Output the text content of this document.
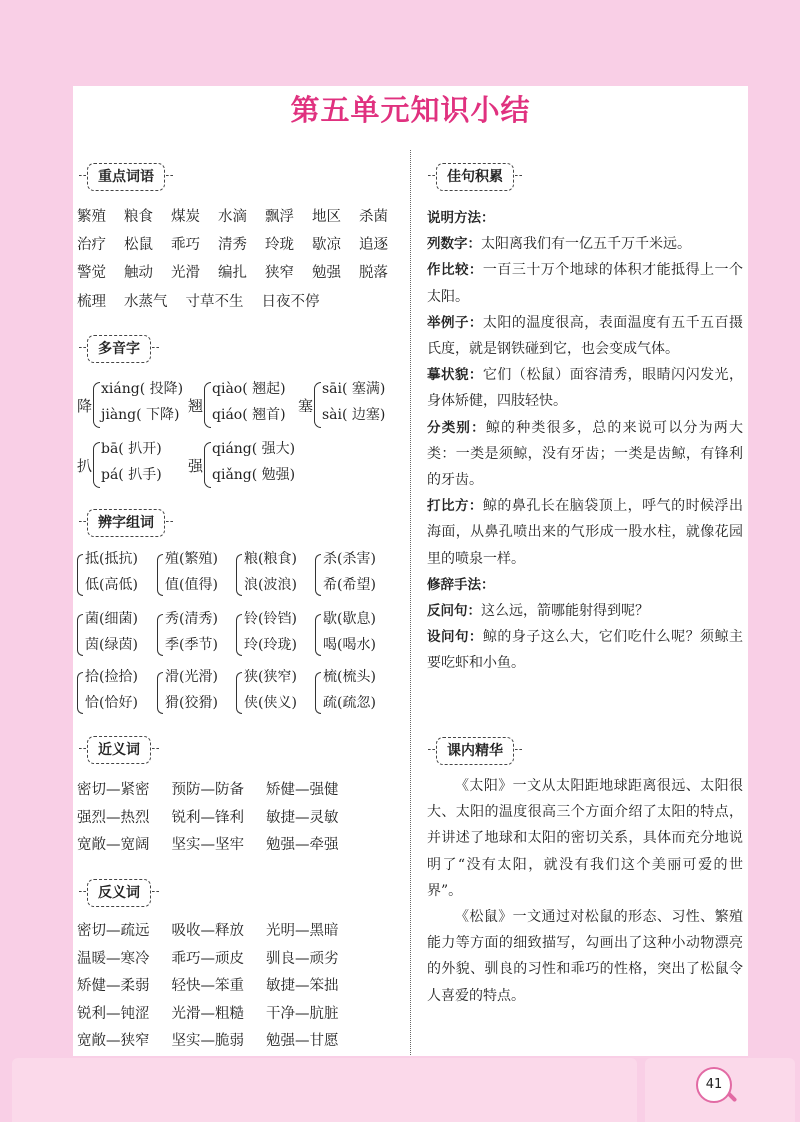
第五单元知识小结
重点词语
繁殖 粮食 煤炭 水滴 飘浮 地区 杀菌
治疗 松鼠 乖巧 清秀 玲珑 歇凉 追逐
警觉 触动 光滑 编扎 狭窄 勉强 脱落
梳理 水蒸气 寸草不生 日夜不停
多音字
降
xiáng( 投降)
jiàng( 下降) 翘
qiào( 翘起)
qiáo( 翘首) 塞
sāi( 塞满)
sài( 边塞)
扒
bā( 扒开)
pá( 扒手) 强
qiáng( 强大)
qiǎng( 勉强)
辨字组词
抵(抵抗)
低(高低)
殖(繁殖)
值(值得)
粮(粮食)
浪(波浪)
杀(杀害)
希(希望)
菌(细菌)
茵(绿茵)
秀(清秀)
季(季节)
铃(铃铛)
玲(玲珑)
歇(歇息)
喝(喝水)
拾(捡拾)
恰(恰好)
滑(光滑)
猾(狡猾)
狭(狭窄)
侠(侠义)
梳(梳头)
疏(疏忽)
近义词
密切—紧密 预防—防备 矫健—强健
强烈—热烈 锐利—锋利 敏捷—灵敏
宽敞—宽阔 坚实—坚牢 勉强—牵强
反义词
密切—疏远 吸收—释放 光明—黑暗
温暖—寒冷 乖巧—顽皮 驯良—顽劣
矫健—柔弱 轻快—笨重 敏捷—笨拙
锐利—钝涩 光滑—粗糙 干净—肮脏
宽敞—狭窄 坚实—脆弱 勉强—甘愿
佳句积累
说明方法：
列数字：太阳离我们有一亿五千万千米远。
作比较：一百三十万个地球的体积才能抵得上一个太阳。
举例子：太阳的温度很高，表面温度有五千五百摄氏度，就是钢铁碰到它，也会变成气体。
摹状貌：它们（松鼠）面容清秀，眼睛闪闪发光，身体矫健，四肢轻快。
分类别：鲸的种类很多，总的来说可以分为两大类：一类是须鲸，没有牙齿；一类是齿鲸，有锋利的牙齿。
打比方：鲸的鼻孔长在脑袋顶上，呼气的时候浮出海面，从鼻孔喷出来的气形成一股水柱，就像花园里的喷泉一样。
修辞手法：
反问句：这么远，箭哪能射得到呢？
设问句：鲸的身子这么大，它们吃什么呢？须鲸主要吃虾和小鱼。
课内精华
《太阳》一文从太阳距地球距离很远、太阳很大、太阳的温度很高三个方面介绍了太阳的特点，并讲述了地球和太阳的密切关系，具体而充分地说明了“没有太阳，就没有我们这个美丽可爱的世界”。
《松鼠》一文通过对松鼠的形态、习性、繁殖能力等方面的细致描写，勾画出了这种小动物漂亮的外貌、驯良的习性和乖巧的性格，突出了松鼠令人喜爱的特点。
41
